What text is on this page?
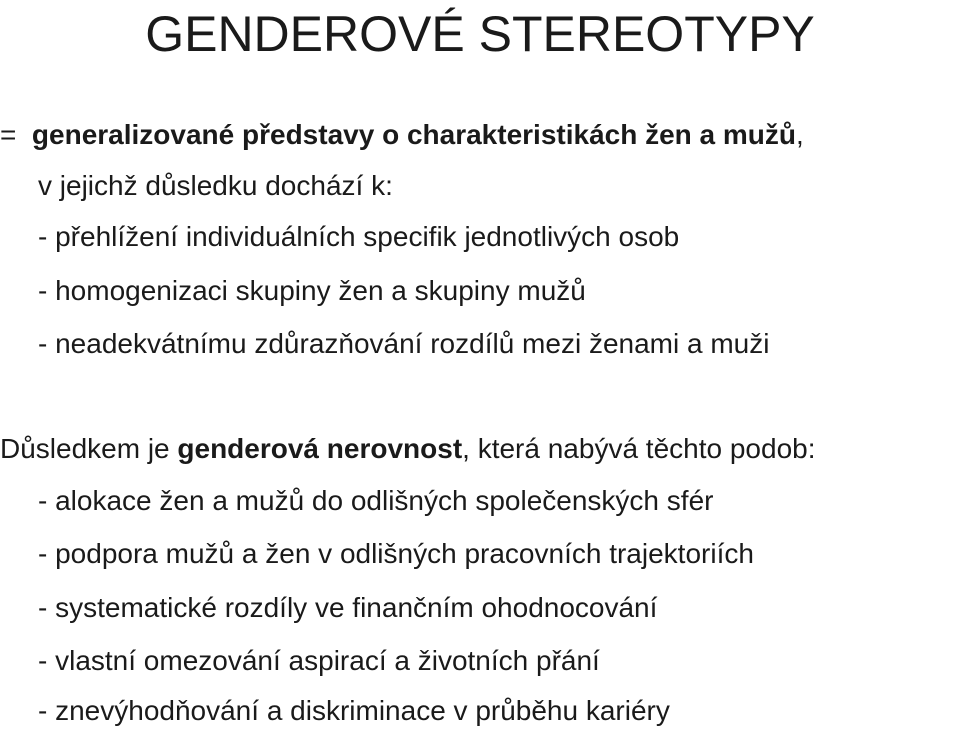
GENDEROVÉ STEREOTYPY

= generalizované představy o charakteristikách žen a mužů,

v jejichž důsledku dochází k:

- přehlížení individuálních specifik jednotlivých osob

- homogenizaci skupiny žen a skupiny mužů

- neadekvátnímu zdůrazňování rozdílů mezi ženami a muži

Důsledkem je genderová nerovnost, která nabývá těchto podob:

- alokace žen a mužů do odlišných společenských sfér

- podpora mužů a žen v odlišných pracovních trajektoriích

- systematické rozdíly ve finančním ohodnocování

- vlastní omezování aspirací a životních přání

- znevýhodňování a diskriminace v průběhu kariéry
